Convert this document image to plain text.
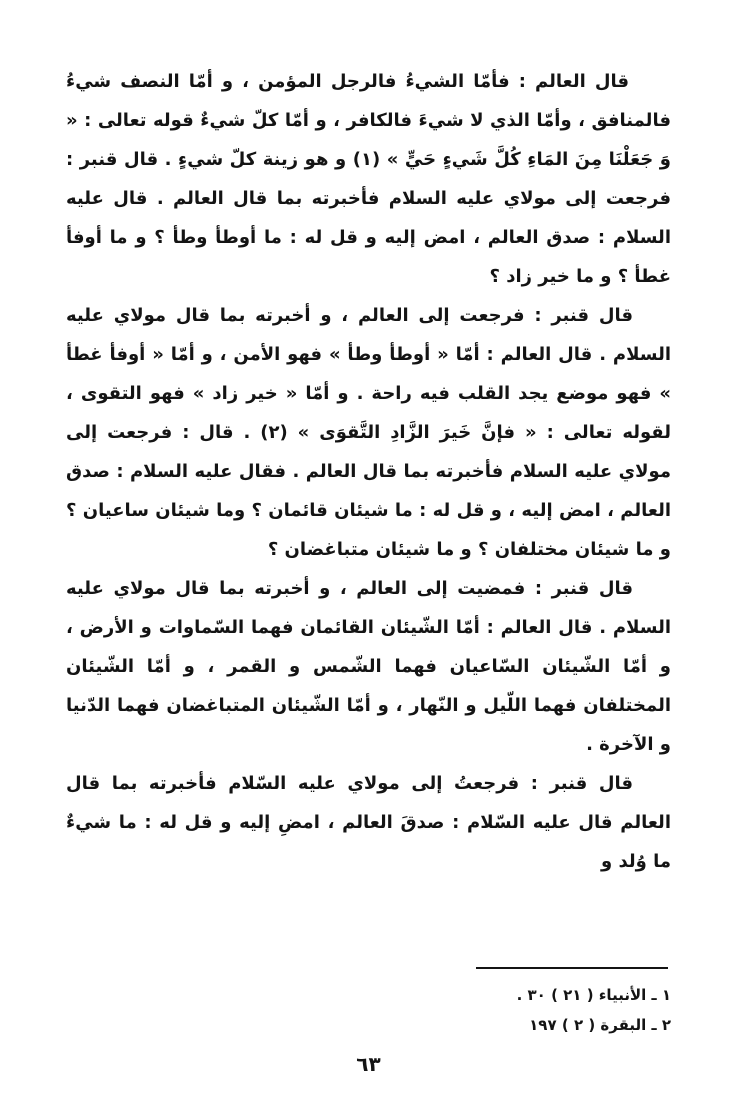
قال العالم : فأمّا الشيءُ فالرجل المؤمن ، و أمّا النصف شيءُ فالمنافق ، وأمّا الذي لا شيءَ فالكافر ، و أمّا كلّ شيءٌ قوله تعالى : « وَ جَعَلْنَا مِنَ المَاءِ كُلَّ شَيءٍ حَيٍّ » (١) و هو زينة كلّ شيءٍ . قال قنبر : فرجعت إلى مولاي عليه السلام فأخبرته بما قال العالم . قال عليه السلام : صدق العالم ، امض إليه و قل له : ما أوطأ وطأ ؟ و ما أوفأ غطأ ؟ و ما خير زاد ؟

قال قنبر : فرجعت إلى العالم ، و أخبرته بما قال مولاي عليه السلام . قال العالم : أمّا « أوطأ وطأ » فهو الأمن ، و أمّا « أوفأ غطأ » فهو موضع يجد القلب فيه راحة . و أمّا « خير زاد » فهو التقوى ، لقوله تعالى : « فإنَّ خَيرَ الزَّادِ التَّقوَى » (٢) . قال : فرجعت إلى مولاي عليه السلام فأخبرته بما قال العالم . فقال عليه السلام : صدق العالم ، امض إليه ، و قل له : ما شيئان قائمان ؟ وما شيئان ساعيان ؟ و ما شيئان مختلفان ؟ و ما شيئان متباغضان ؟

قال قنبر : فمضيت إلى العالم ، و أخبرته بما قال مولاي عليه السلام . قال العالم : أمّا الشّيئان القائمان فهما السّماوات و الأرض ، و أمّا الشّيئان السّاعيان فهما الشّمس و القمر ، و أمّا الشّيئان المختلفان فهما اللّيل و النّهار ، و أمّا الشّيئان المتباغضان فهما الدّنيا و الآخرة .

قال قنبر : فرجعتُ إلى مولاي عليه السّلام فأخبرته بما قال العالم قال عليه السّلام : صدقَ العالم ، امضِ إليه و قل له : ما شيءٌ ما وُلد و

١ ـ الأنبياء ( ٢١ ) ٣٠ .
٢ ـ البقرة ( ٢ ) ١٩٧
٦٣
